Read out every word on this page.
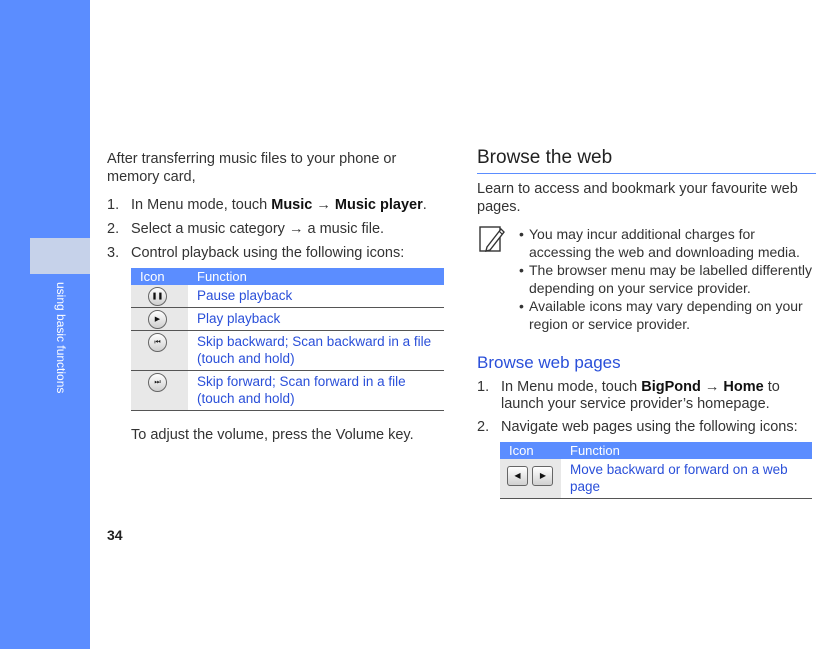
using basic functions
34

After transferring music files to your phone or memory card,

1. In Menu mode, touch Music → Music player.
2. Select a music category → a music file.
3. Control playback using the following icons:
Icon	Function

❚❚	Pause playback

▶	Play playback

⏮	Skip backward; Scan backward in a file (touch and hold)

⏭	Skip forward; Scan forward in a file (touch and hold)

To adjust the volume, press the Volume key.

Browse the web

Learn to access and bookmark your favourite web pages.

• You may incur additional charges for accessing the web and downloading media.
• The browser menu may be labelled differently depending on your service provider.
• Available icons may vary depending on your region or service provider.
Browse web pages
1. In Menu mode, touch BigPond → Home to launch your service provider’s homepage.
2. Navigate web pages using the following icons:
Icon	Function

◀ ▶	Move backward or forward on a web page
